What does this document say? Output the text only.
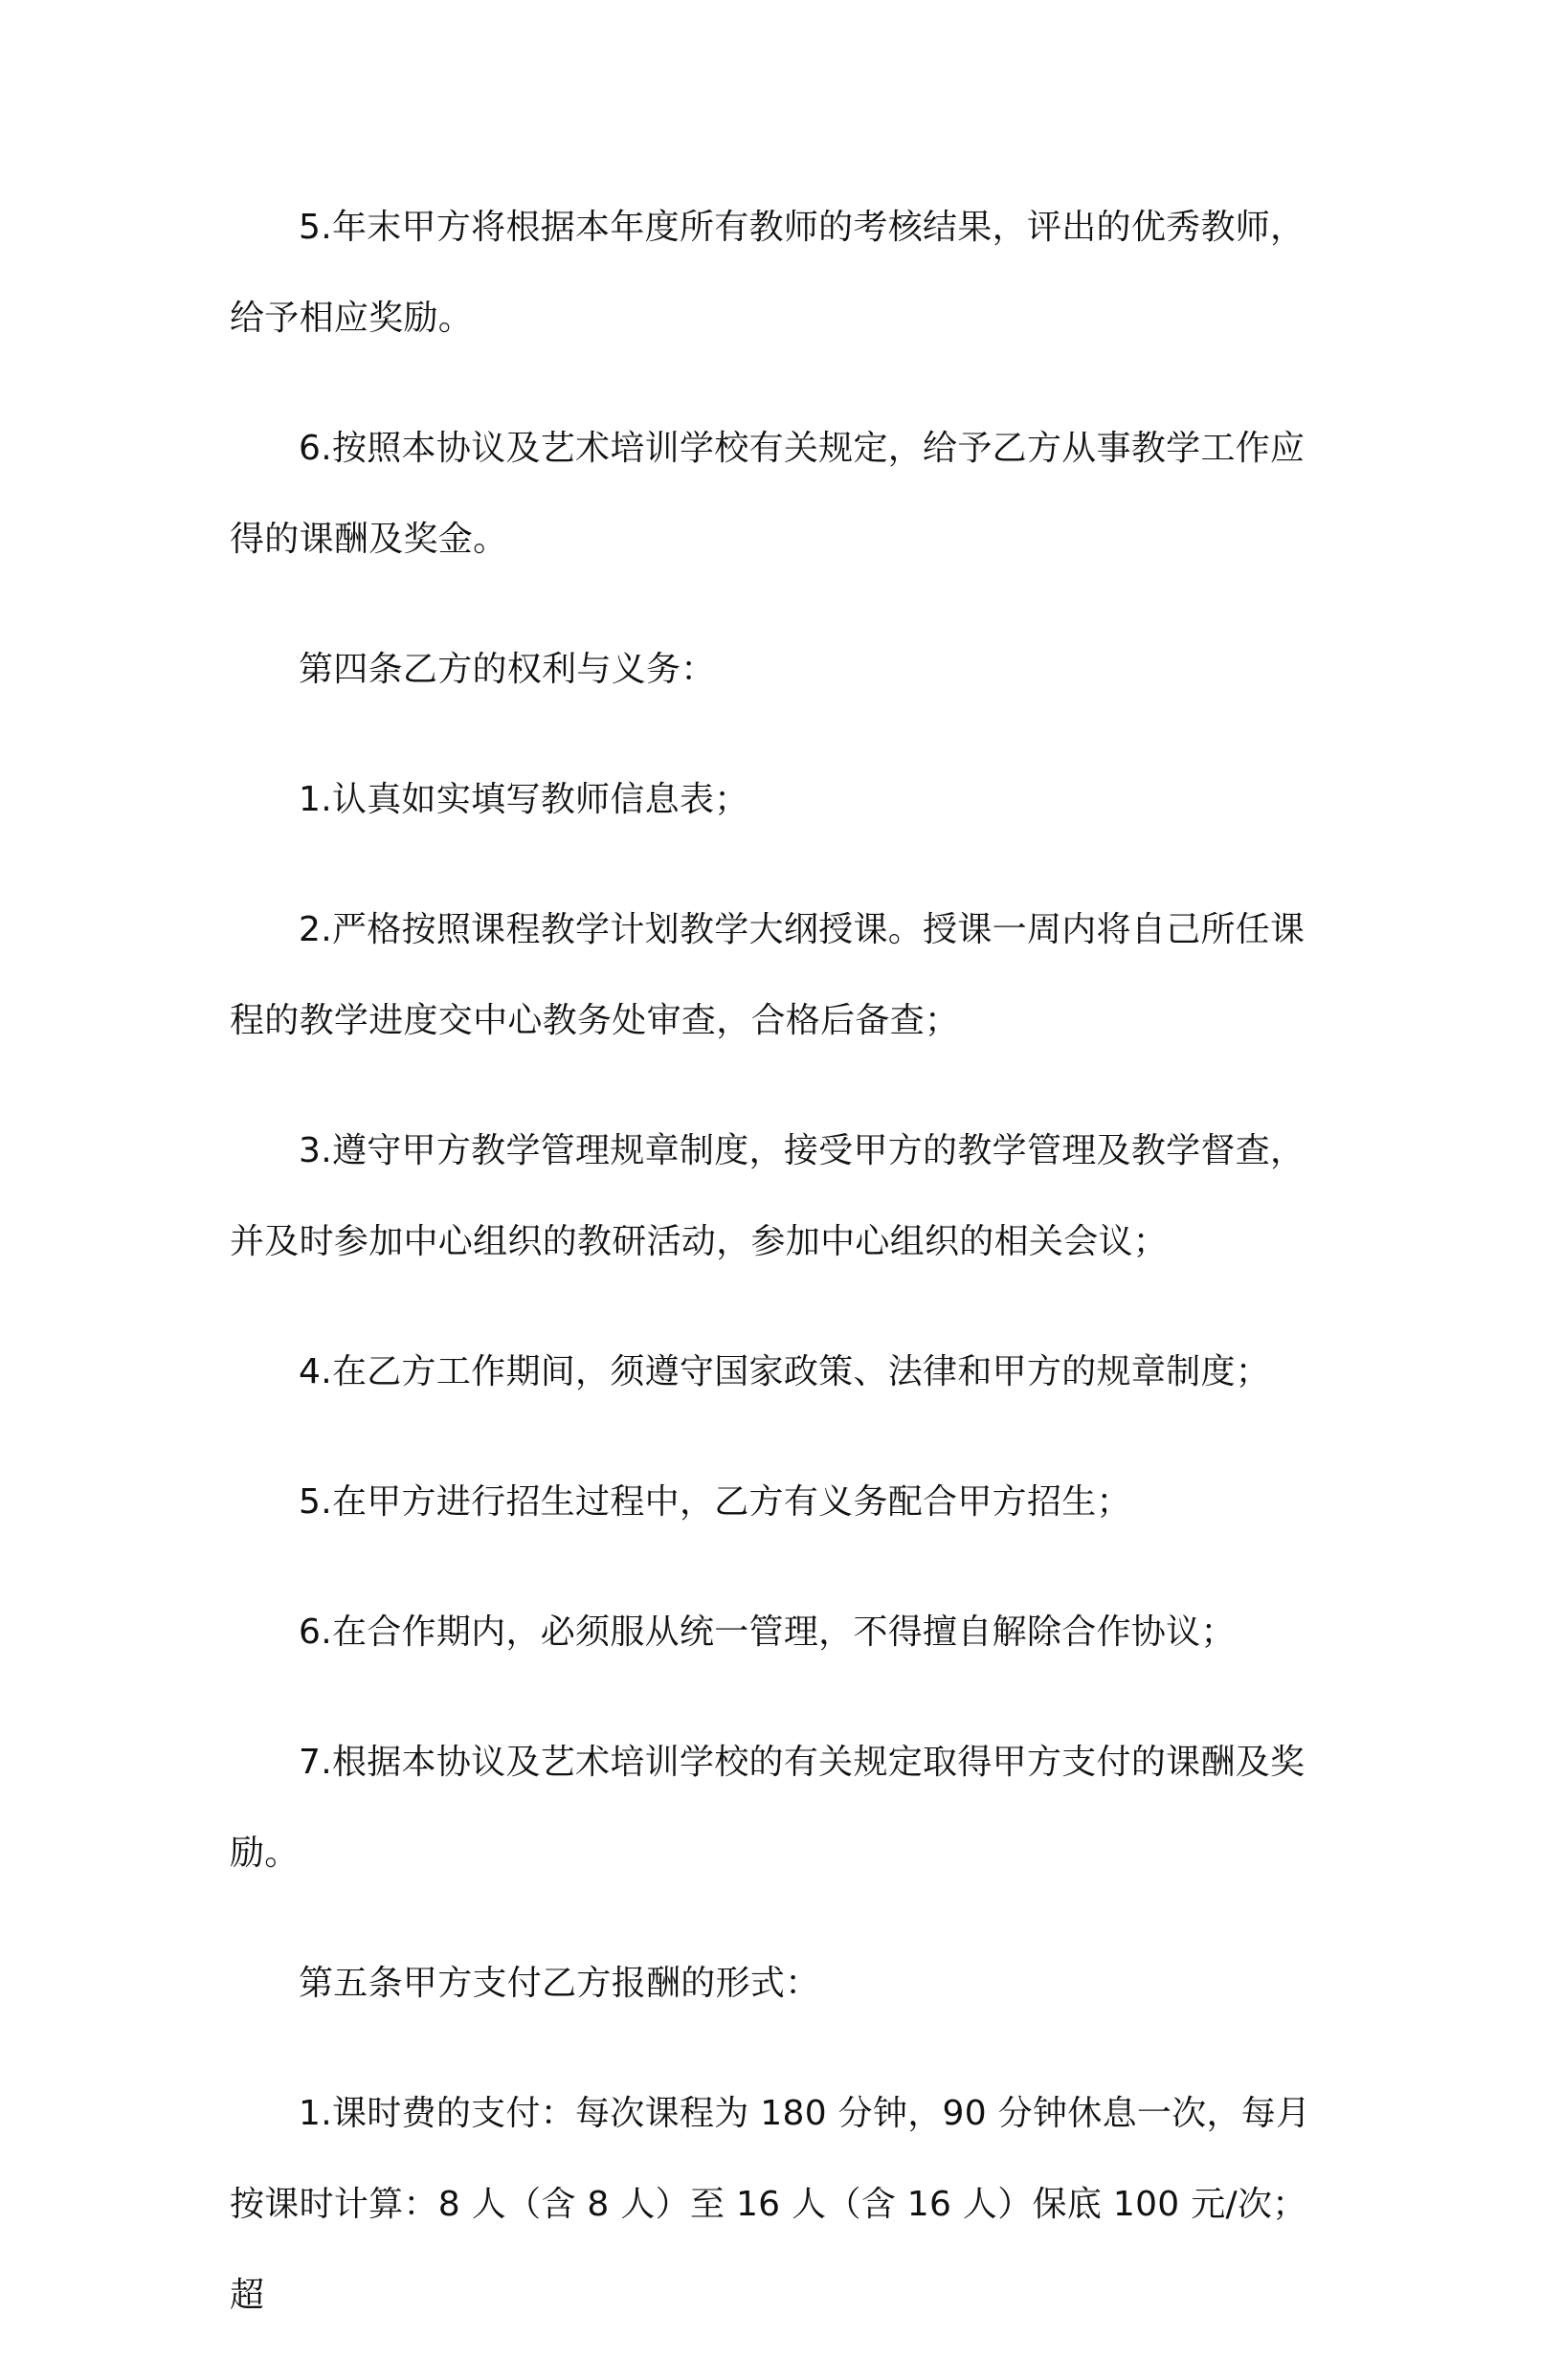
5.年末甲方将根据本年度所有教师的考核结果，评出的优秀教师，给予相应奖励。

6.按照本协议及艺术培训学校有关规定，给予乙方从事教学工作应得的课酬及奖金。

第四条乙方的权利与义务：

1.认真如实填写教师信息表；

2.严格按照课程教学计划教学大纲授课。授课一周内将自己所任课程的教学进度交中心教务处审查，合格后备查；

3.遵守甲方教学管理规章制度，接受甲方的教学管理及教学督查，并及时参加中心组织的教研活动，参加中心组织的相关会议；

4.在乙方工作期间，须遵守国家政策、法律和甲方的规章制度；

5.在甲方进行招生过程中，乙方有义务配合甲方招生；

6.在合作期内，必须服从统一管理，不得擅自解除合作协议；

7.根据本协议及艺术培训学校的有关规定取得甲方支付的课酬及奖励。

第五条甲方支付乙方报酬的形式：

1.课时费的支付：每次课程为 180 分钟，90 分钟休息一次，每月按课时计算：8 人（含 8 人）至 16 人（含 16 人）保底 100 元/次；超
